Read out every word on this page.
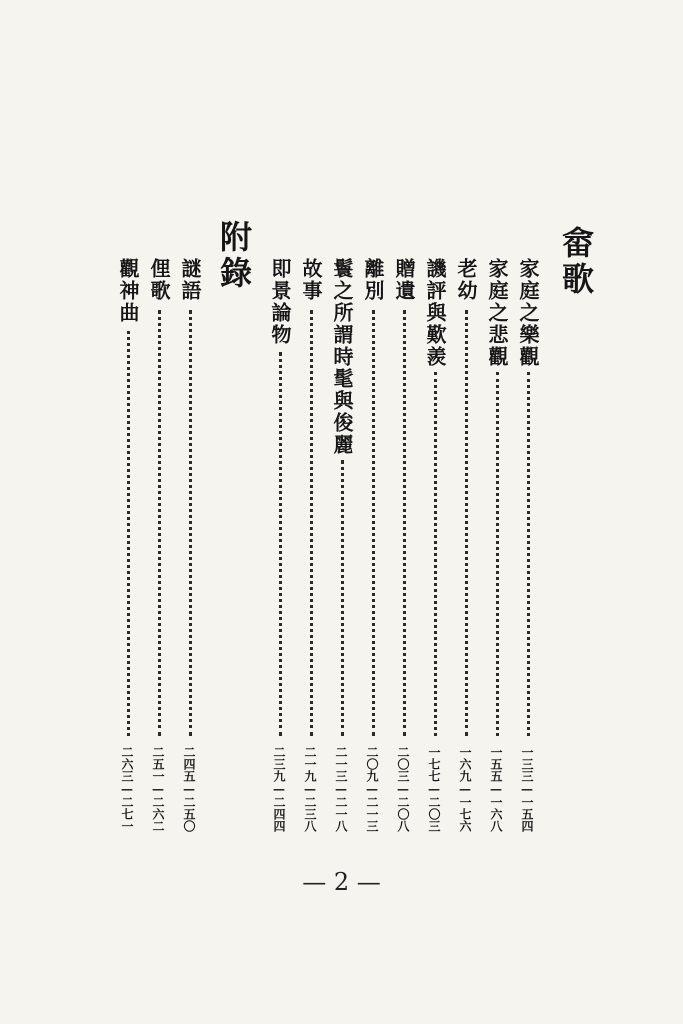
畲歌
家庭之樂觀
一三三—一五四
家庭之悲觀
一五五—一六八
老幼
一六九—一七六
譏評與歎羨
一七七—二〇三
贈遺
二〇三—二〇八
離別
二〇九—二一三
鬟之所謂時髦與俊麗
二一三—二一八
故事
二一九—二三八
即景論物
二三九—二四四
附錄
謎語
二四五—二五〇
俚歌
二五一—二六二
觀神曲
二六三—二七一
— 2 —
